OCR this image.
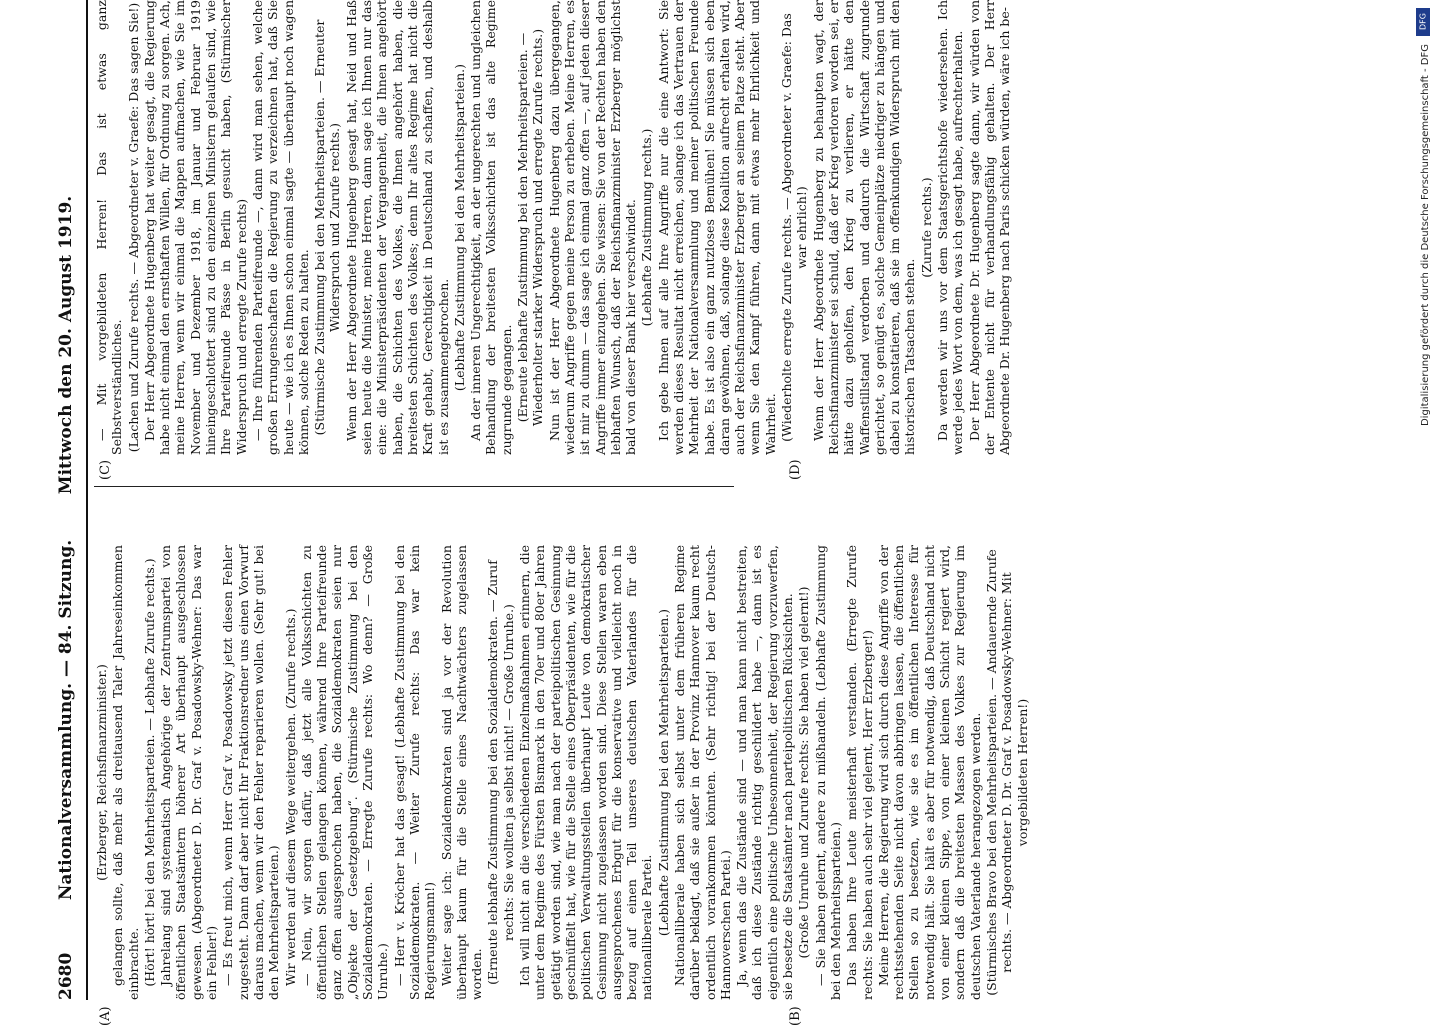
2680
Mittwoch den 20. August 1919.
Nationalversammlung. — 84. Sitzung.
(A)	(B)
(C)	(D)

(Erzberger, Reichsfinanzminister.) gelangen sollte, daß mehr als dreitausend Taler Jahreseinkommen einbrachte. (Hört! hört! bei den Mehrheitsparteien. — Lebhafte Zurufe rechts.) Jahrelang sind systematisch Angehörige der Zentrumspartei von öffentlichen Staatsämtern höherer Art überhaupt ausgeschlossen gewesen. (Abgeordneter D. Dr. Graf v. Posadowsky-Wehner: Das war ein Fehler!) — Es freut mich, wenn Herr Graf v. Posadowsky jetzt diesen Fehler zugesteht. Dann darf aber nicht Ihr Fraktionsredner uns einen Vorwurf daraus machen, wenn wir den Fehler reparieren wollen. (Sehr gut! bei den Mehrheitsparteien.) Wir werden auf diesem Wege weitergehen. (Zurufe rechts.) — Nein, wir sorgen dafür, daß jetzt alle Volksschichten zu öffentlichen Stellen gelangen können, während Ihre Parteifreunde ganz offen ausgesprochen haben, die Sozialdemokraten seien nur „Objekte der Gesetzgebung“. (Stürmische Zustimmung bei den Sozialdemokraten. — Erregte Zurufe rechts: Wo denn? — Große Unruhe.) — Herr v. Kröcher hat das gesagt! (Lebhafte Zustimmung bei den Sozialdemokraten. — Weiter Zurufe rechts: Das war kein Regierungsmann!) Weiter sage ich: Sozialdemokraten sind ja vor der Revolution überhaupt kaum für die Stelle eines Nachtwächters zugelassen worden. (Erneute lebhafte Zustimmung bei den Sozialdemokraten. — Zuruf rechts: Sie wollten ja selbst nicht! — Große Unruhe.) Ich will nicht an die verschiedenen Einzelmaßnahmen erinnern, die unter dem Regime des Fürsten Bismarck in den 70er und 80er Jahren getätigt worden sind, wie man nach der parteipolitischen Gesinnung geschnüffelt hat, wie für die Stelle eines Oberpräsidenten, wie für die politischen Verwaltungsstellen überhaupt Leute von demokratischer Gesinnung nicht zugelassen worden sind. Diese Stellen waren eben ausgesprochenes Erbgut für die konservative und vielleicht noch in bezug auf einen Teil unseres deutschen Vaterlandes für die nationalliberale Partei. (Lebhafte Zustimmung bei den Mehrheitsparteien.) Nationalliberale haben sich selbst unter dem früheren Regime darüber beklagt, daß sie außer in der Provinz Hannover kaum recht ordentlich vorankommen könnten. (Sehr richtig! bei der Deutsch-Hannoverschen Partei.) Ja, wenn das die Zustände sind — und man kann nicht bestreiten, daß ich diese Zustände richtig geschildert habe —, dann ist es eigentlich eine politische Unbesonnenheit, der Regierung vorzuwerfen, sie besetze die Staatsämter nach parteipolitischen Rücksichten. (Große Unruhe und Zurufe rechts: Sie haben viel gelernt!) — Sie haben gelernt, andere zu mißhandeln. (Lebhafte Zustimmung bei den Mehrheitsparteien.) Das haben Ihre Leute meisterhaft verstanden. (Erregte Zurufe rechts: Sie haben auch sehr viel gelernt, Herr Erzberger!) Meine Herren, die Regierung wird sich durch diese Angriffe von der rechtsstehenden Seite nicht davon abbringen lassen, die öffentlichen Stellen so zu besetzen, wie sie es im öffentlichen Interesse für notwendig hält. Sie hält es aber für notwendig, daß Deutschland nicht von einer kleinen Sippe, von einer kleinen Schicht regiert wird, sondern daß die breitesten Massen des Volkes zur Regierung im deutschen Vaterlande herangezogen werden. (Stürmisches Bravo bei den Mehrheitsparteien. — Andauernde Zurufe rechts. — Abgeordneter D. Dr. Graf v. Posadowsky-Wehner: Mit vorgebildeten Herren!)

— Mit vorgebildeten Herren! Das ist etwas ganz Selbstverständliches. (Lachen und Zurufe rechts. — Abgeordneter v. Graefe: Das sagen Sie!) Der Herr Abgeordnete Hugenberg hat weiter gesagt, die Regierung habe nicht einmal den ernsthaften Willen, für Ordnung zu sorgen. Ach, meine Herren, wenn wir einmal die Mappen aufmachen, wie Sie im November und Dezember 1918, im Januar und Februar 1919 hineingeschlottert sind zu den einzelnen Ministern gelaufen sind, wie Ihre Parteifreunde Pässe in Berlin gesucht haben, (Stürmischer Widerspruch und erregte Zurufe rechts) — Ihre führenden Parteifreunde —, dann wird man sehen, welche großen Errungenschaften die Regierung zu verzeichnen hat, daß Sie heute — wie ich es Ihnen schon einmal sagte — überhaupt noch wagen können, solche Reden zu halten. (Stürmische Zustimmung bei den Mehrheitsparteien. — Erneuter Widerspruch und Zurufe rechts.) Wenn der Herr Abgeordnete Hugenberg gesagt hat, Neid und Haß seien heute die Minister, meine Herren, dann sage ich Ihnen nur das eine: die Ministerpräsidenten der Vergangenheit, die Ihnen angehört haben, die Schichten des Volkes, die Ihnen angehört haben, die breitesten Schichten des Volkes; denn Ihr altes Regime hat nicht die Kraft gehabt, Gerechtigkeit in Deutschland zu schaffen, und deshalb ist es zusammengebrochen. (Lebhafte Zustimmung bei den Mehrheitsparteien.) An der inneren Ungerechtigkeit, an der ungerechten und ungleichen Behandlung der breitesten Volksschichten ist das alte Regime zugrunde gegangen. (Erneute lebhafte Zustimmung bei den Mehrheitsparteien. — Wiederholter starker Widerspruch und erregte Zurufe rechts.) Nun ist der Herr Abgeordnete Hugenberg dazu übergegangen, wiederum Angriffe gegen meine Person zu erheben. Meine Herren, es ist mir zu dumm — das sage ich einmal ganz offen —, auf jeden dieser Angriffe immer einzugehen. Sie wissen: Sie von der Rechten haben den lebhaften Wunsch, daß der Reichsfinanzminister Erzberger möglichst bald von dieser Bank hier verschwindet. (Lebhafte Zustimmung rechts.) Ich gebe Ihnen auf alle Ihre Angriffe nur die eine Antwort: Sie werden dieses Resultat nicht erreichen, solange ich das Vertrauen der Mehrheit der Nationalversammlung und meiner politischen Freunde habe. Es ist also ein ganz nutzloses Bemühen! Sie müssen sich eben daran gewöhnen, daß, solange diese Koalition aufrecht erhalten wird, auch der Reichsfinanzminister Erzberger an seinem Platze steht. Aber wenn Sie den Kampf führen, dann mit etwas mehr Ehrlichkeit und Wahrheit. (Wiederholte erregte Zurufe rechts. — Abgeordneter v. Graefe: Das war ehrlich!) Wenn der Herr Abgeordnete Hugenberg zu behaupten wagt, der Reichsfinanzminister sei schuld, daß der Krieg verloren worden sei, er hätte dazu geholfen, den Krieg zu verlieren, er hätte den Waffenstillstand verdorben und dadurch die Wirtschaft zugrunde gerichtet, so genügt es, solche Gemeinplätze niedriger zu hängen und dabei zu konstatieren, daß sie im offenkundigen Widerspruch mit den historischen Tatsachen stehen.

(Zurufe rechts.) Da werden wir uns vor dem Staatsgerichtshofe wiedersehen. Ich werde jedes Wort von dem, was ich gesagt habe, aufrechterhalten. Der Herr Abgeordnete Dr. Hugenberg sagte dann, wir würden von der Entente nicht für verhandlungsfähig gehalten. Der Herr Abgeordnete Dr. Hugenberg nach Paris schicken würden, wäre ich be-	DFG
Digitalisierung gefördert durch die Deutsche Forschungsgemeinschaft - DFG
